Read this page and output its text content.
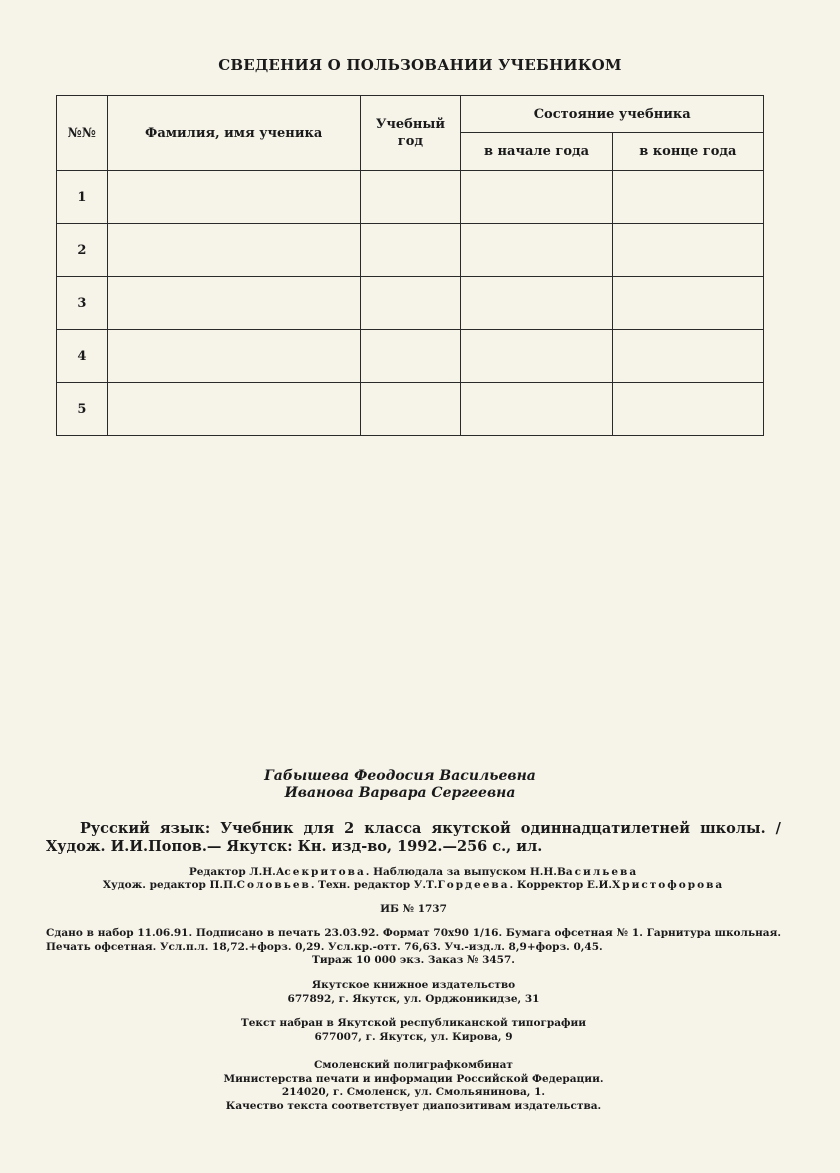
СВЕДЕНИЯ О ПОЛЬЗОВАНИИ УЧЕБНИКОМ
№№	Фамилия, имя ученика	Учебный год	Состояние учебника	
			в начале года	в конце года
1				
2				
3				
4				
5				
Габышева Феодосия Васильевна
Иванова Варвара Сергеевна
Русский язык: Учебник для 2 класса якутской одиннадцатилетней школы. / Худож. И.И.Попов.— Якутск: Кн. изд-во, 1992.—256 с., ил.
Редактор Л.Н.Асекритова. Наблюдала за выпуском Н.Н.Васильева
Худож. редактор П.П.Соловьев. Техн. редактор У.Т.Гордеева. Корректор Е.И.Христофорова
ИБ № 1737
Сдано в набор 11.06.91. Подписано в печать 23.03.92. Формат 70x90 1/16. Бумага офсетная № 1. Гарнитура школьная. Печать офсетная. Усл.п.л. 18,72.+форз. 0,29. Усл.кр.-отт. 76,63. Уч.-изд.л. 8,9+форз. 0,45.
Тираж 10 000 экз. Заказ № 3457.
Якутское книжное издательство
677892, г. Якутск, ул. Орджоникидзе, 31
Текст набран в Якутской республиканской типографии
677007, г. Якутск, ул. Кирова, 9
Смоленский полиграфкомбинат
Министерства печати и информации Российской Федерации.
214020, г. Смоленск, ул. Смольянинова, 1.
Качество текста соответствует диапозитивам издательства.
